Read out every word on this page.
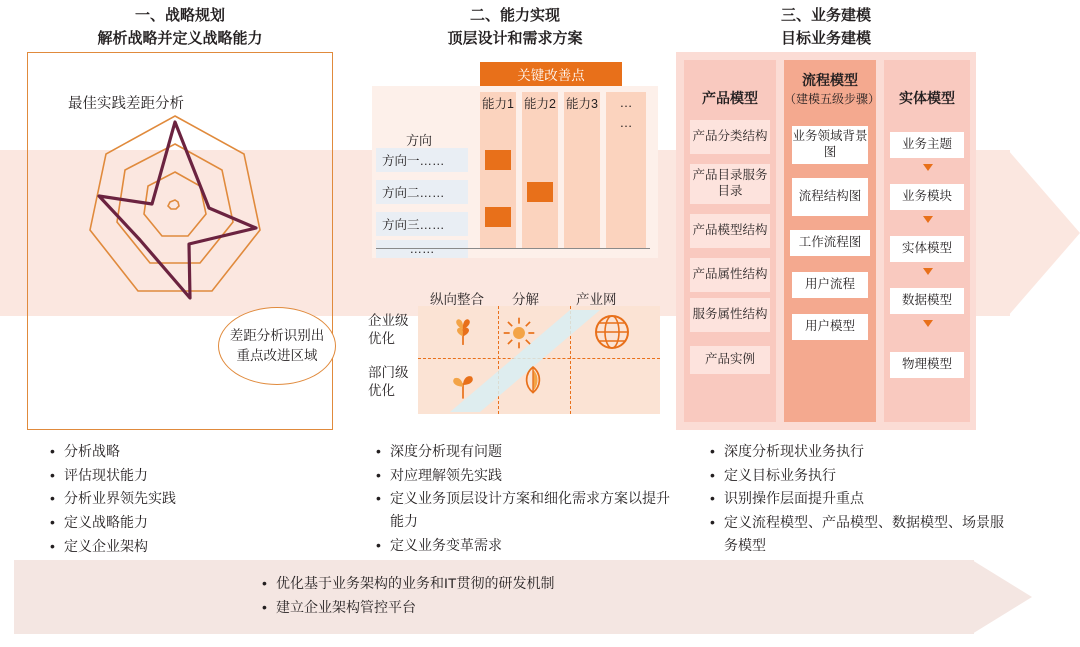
一、战略规划
解析战略并定义战略能力
二、能力实现
顶层设计和需求方案
三、业务建模
目标业务建模
最佳实践差距分析
差距分析识别出重点改进区域
关键改善点
能力1 能力2 能力3	…
…
方向
方向一……
方向二……
方向三……
……
纵向整合 分解	产业网
企业级优化
部门级优化
产品模型
产品分类结构
产品目录服务目录
产品模型结构
产品属性结构
服务属性结构
产品实例
流程模型
（建模五级步骤）
业务领域背景图
流程结构图
工作流程图
用户流程
用户模型
实体模型
业务主题
业务模块
实体模型
数据模型
物理模型
• 分析战略
• 评估现状能力
• 分析业界领先实践
• 定义战略能力
• 定义企业架构
• 深度分析现有问题
• 对应理解领先实践
• 定义业务顶层设计方案和细化需求方案以提升能力
• 定义业务变革需求
• 深度分析现状业务执行
• 定义目标业务执行
• 识别操作层面提升重点
• 定义流程模型、产品模型、数据模型、场景服务模型
•
• 优化基于业务架构的业务和IT贯彻的研发机制
• 建立企业架构管控平台
